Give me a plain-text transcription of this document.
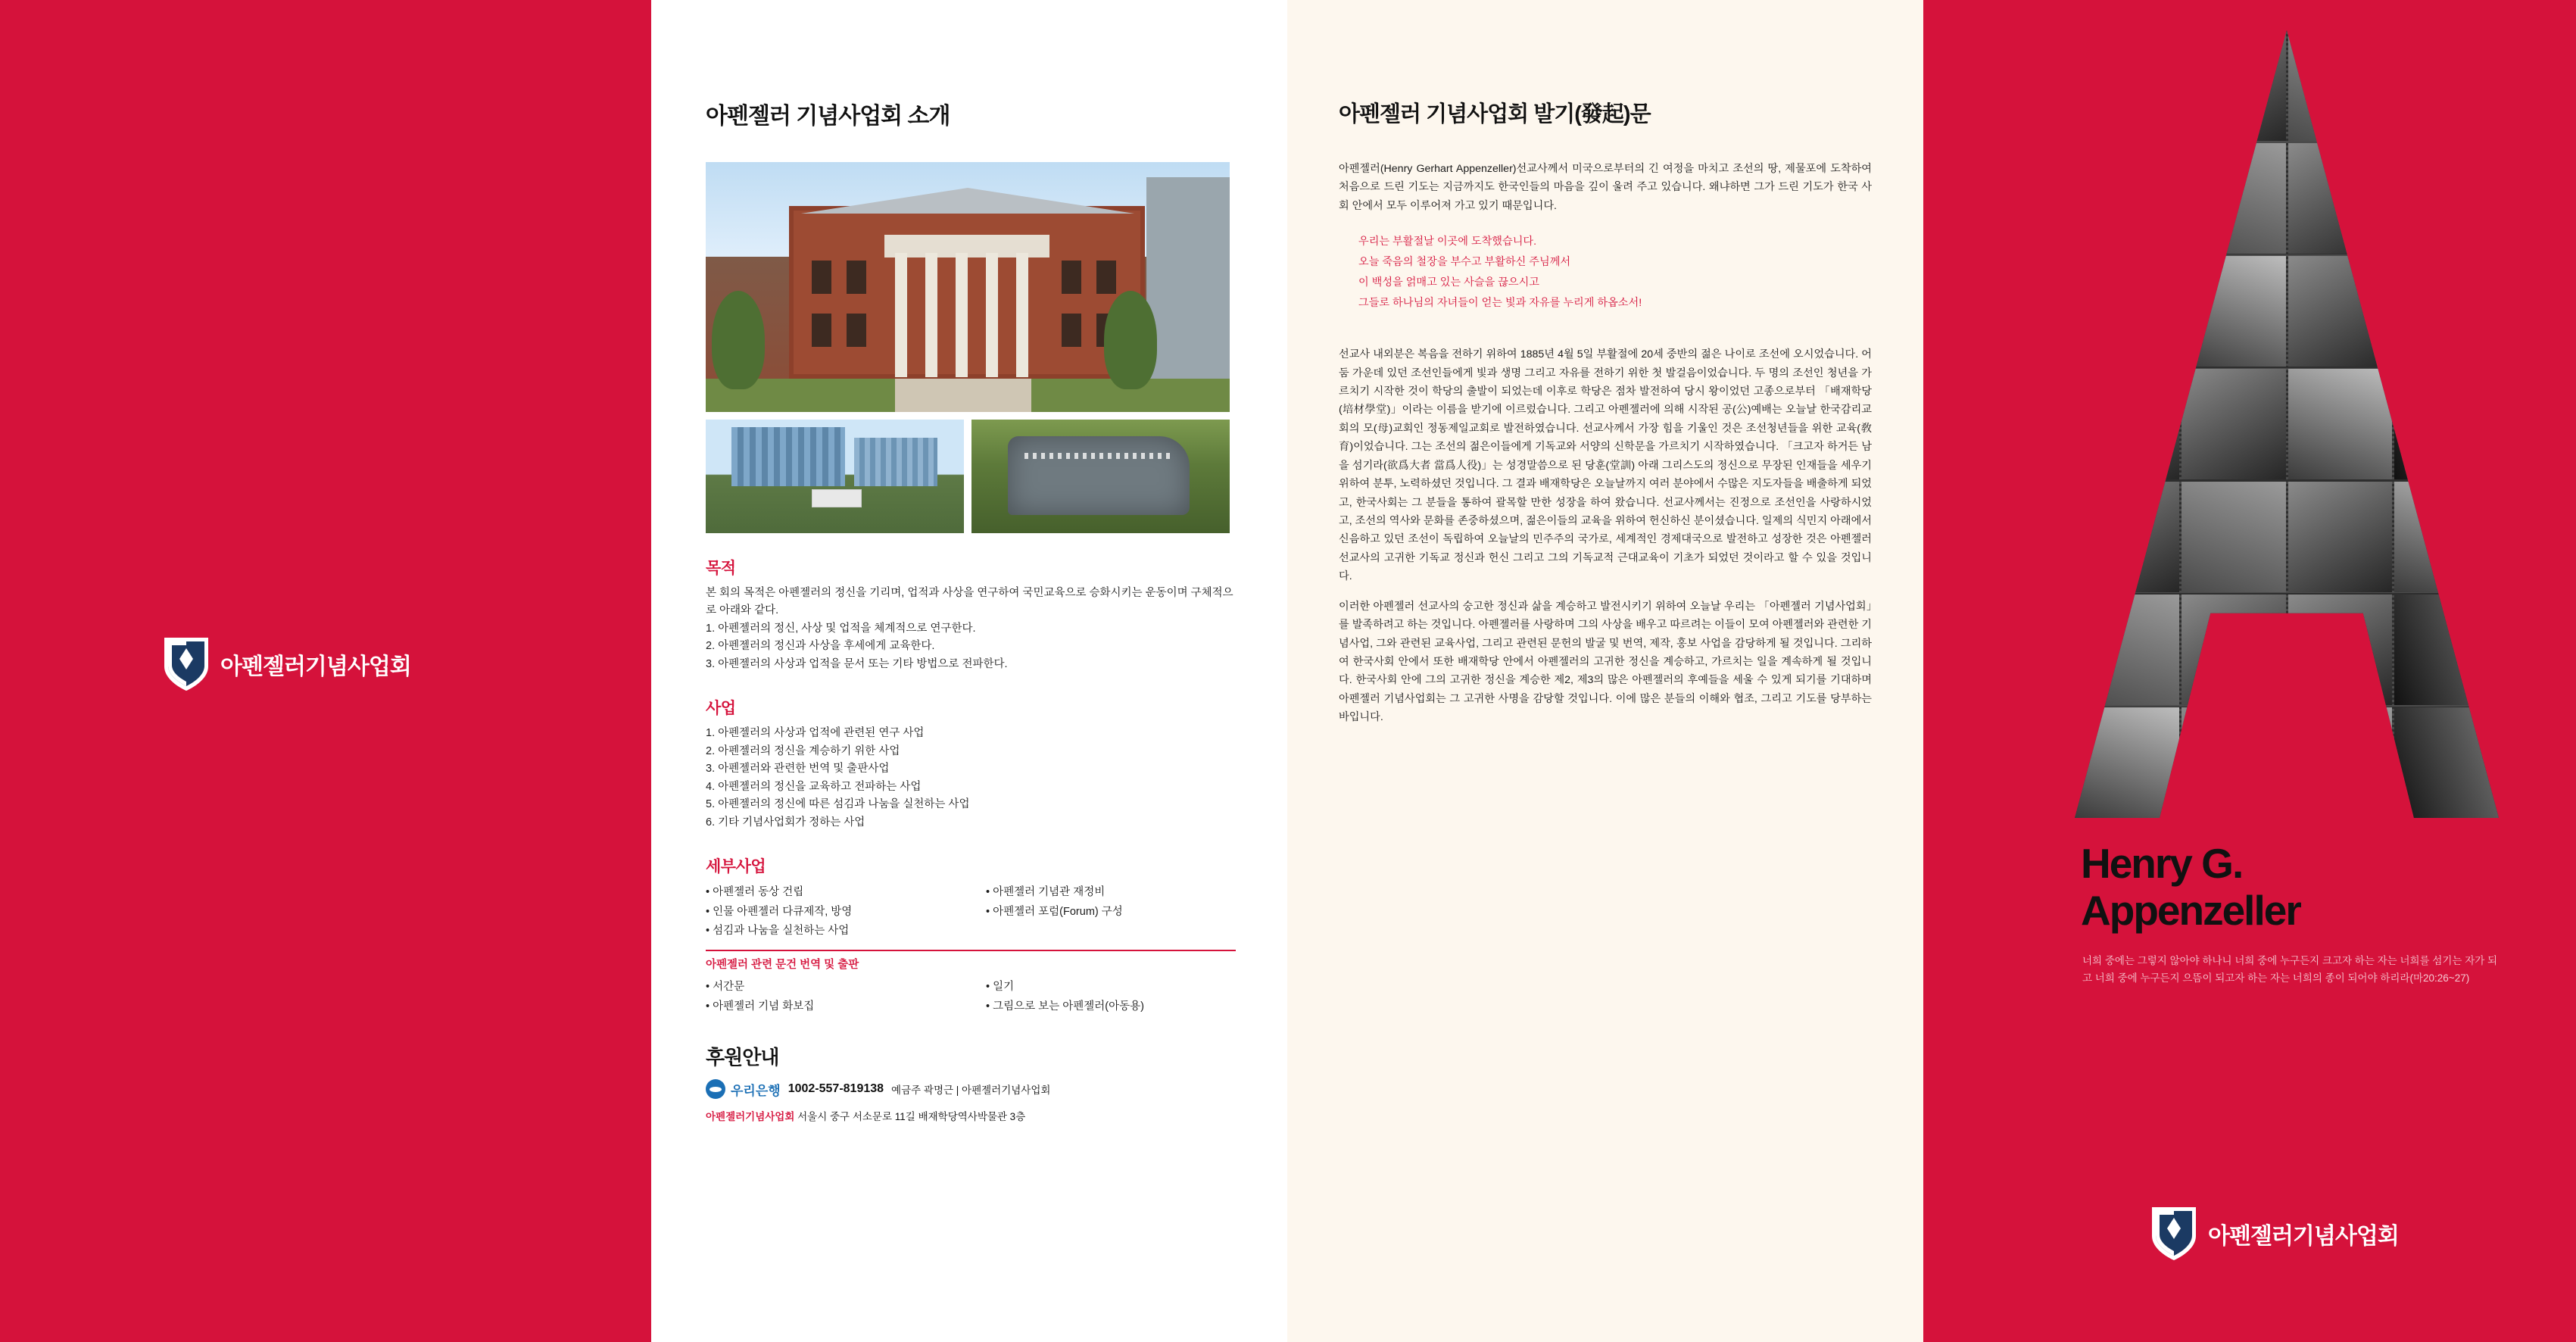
아펜젤러기념사업회
아펜젤러 기념사업회 소개
목적

본 회의 목적은 아펜젤러의 정신을 기리며, 업적과 사상을 연구하여 국민교육으로 승화시키는 운동이며 구체적으로 아래와 같다.

1. 아펜젤러의 정신, 사상 및 업적을 체계적으로 연구한다.

2. 아펜젤러의 정신과 사상을 후세에게 교육한다.

3. 아펜젤러의 사상과 업적을 문서 또는 기타 방법으로 전파한다.

사업

1. 아펜젤러의 사상과 업적에 관련된 연구 사업

2. 아펜젤러의 정신을 계승하기 위한 사업

3. 아펜젤러와 관련한 번역 및 출판사업

4. 아펜젤러의 정신을 교육하고 전파하는 사업

5. 아펜젤러의 정신에 따른 섬김과 나눔을 실천하는 사업

6. 기타 기념사업회가 정하는 사업

세부사업
• 아펜젤러 동상 건립
• 인물 아펜젤러 다큐제작, 방영
• 섬김과 나눔을 실천하는 사업
• 아펜젤러 기념관 재정비
• 아펜젤러 포럼(Forum) 구성
아펜젤러 관련 문건 번역 및 출판
• 서간문
• 아펜젤러 기념 화보집
• 일기
• 그림으로 보는 아펜젤러(아동용)
후원안내
우리은행 1002-557-819138 예금주 곽명근 | 아펜젤러기념사업회
아펜젤러기념사업회 서울시 중구 서소문로 11길 배재학당역사박물관 3층
아펜젤러 기념사업회 발기(發起)문

아펜젤러(Henry Gerhart Appenzeller)선교사께서 미국으로부터의 긴 여정을 마치고 조선의 땅, 제물포에 도착하여 처음으로 드린 기도는 지금까지도 한국인들의 마음을 깊이 울려 주고 있습니다. 왜냐하면 그가 드린 기도가 한국 사회 안에서 모두 이루어져 가고 있기 때문입니다.

우리는 부활절날 이곳에 도착했습니다.
오늘 죽음의 철장을 부수고 부활하신 주님께서
이 백성을 얽매고 있는 사슬을 끊으시고
그들로 하나님의 자녀들이 얻는 빛과 자유를 누리게 하옵소서!

선교사 내외분은 복음을 전하기 위하여 1885년 4월 5일 부활절에 20세 중반의 젊은 나이로 조선에 오시었습니다. 어둠 가운데 있던 조선인들에게 빛과 생명 그리고 자유를 전하기 위한 첫 발걸음이었습니다. 두 명의 조선인 청년을 가르치기 시작한 것이 학당의 출발이 되었는데 이후로 학당은 점차 발전하여 당시 왕이었던 고종으로부터 「배재학당(培材學堂)」이라는 이름을 받기에 이르렀습니다. 그리고 아펜젤러에 의해 시작된 공(公)예배는 오늘날 한국감리교회의 모(母)교회인 정동제일교회로 발전하였습니다. 선교사께서 가장 힘을 기울인 것은 조선청년들을 위한 교육(敎育)이었습니다. 그는 조선의 젊은이들에게 기독교와 서양의 신학문을 가르치기 시작하였습니다. 「크고자 하거든 남을 섬기라(欲爲大者 當爲人役)」는 성경말씀으로 된 당훈(堂訓) 아래 그리스도의 정신으로 무장된 인재들을 세우기 위하여 분투, 노력하셨던 것입니다. 그 결과 배재학당은 오늘날까지 여러 분야에서 수많은 지도자들을 배출하게 되었고, 한국사회는 그 분들을 통하여 괄목할 만한 성장을 하여 왔습니다. 선교사께서는 진정으로 조선인을 사랑하시었고, 조선의 역사와 문화를 존중하셨으며, 젊은이들의 교육을 위하여 헌신하신 분이셨습니다. 일제의 식민지 아래에서 신음하고 있던 조선이 독립하여 오늘날의 민주주의 국가로, 세계적인 경제대국으로 발전하고 성장한 것은 아펜젤러 선교사의 고귀한 기독교 정신과 헌신 그리고 그의 기독교적 근대교육이 기초가 되었던 것이라고 할 수 있을 것입니다.

이러한 아펜젤러 선교사의 숭고한 정신과 삶을 계승하고 발전시키기 위하여 오늘날 우리는 「아펜젤러 기념사업회」를 발족하려고 하는 것입니다. 아펜젤러를 사랑하며 그의 사상을 배우고 따르려는 이들이 모여 아펜젤러와 관련한 기념사업, 그와 관련된 교육사업, 그리고 관련된 문헌의 발굴 및 번역, 제작, 홍보 사업을 감당하게 될 것입니다. 그리하여 한국사회 안에서 또한 배재학당 안에서 아펜젤러의 고귀한 정신을 계승하고, 가르치는 일을 계속하게 될 것입니다. 한국사회 안에 그의 고귀한 정신을 계승한 제2, 제3의 많은 아펜젤러의 후예들을 세울 수 있게 되기를 기대하며 아펜젤러 기념사업회는 그 고귀한 사명을 감당할 것입니다. 이에 많은 분들의 이해와 협조, 그리고 기도를 당부하는 바입니다.

Henry G.
Appenzeller
너희 중에는 그렇지 않아야 하나니 너희 중에 누구든지 크고자 하는 자는 너희를 섬기는 자가 되고 너희 중에 누구든지 으뜸이 되고자 하는 자는 너희의 종이 되어야 하리라(마20:26~27)
아펜젤러기념사업회
